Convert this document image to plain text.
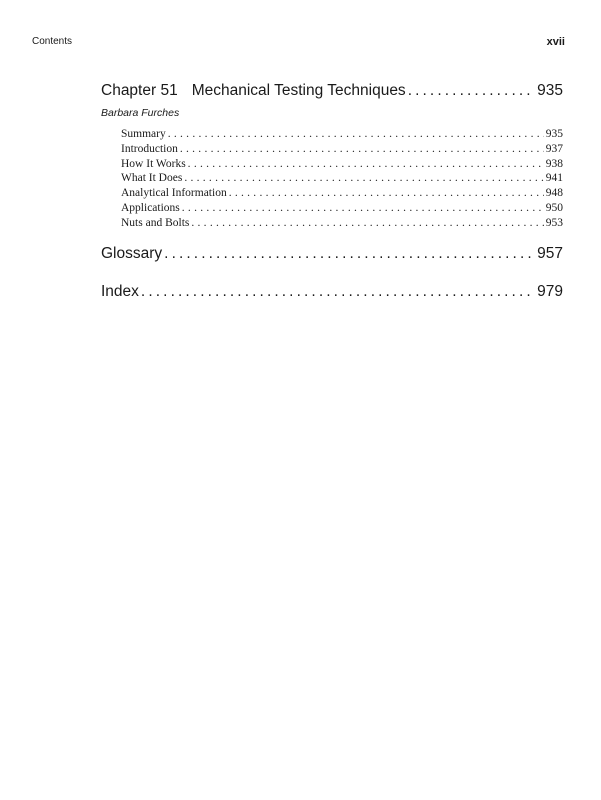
Contents	xvii
Chapter 51 Mechanical Testing Techniques . . .	935
Barbara Furches
Summary . . .	935
Introduction . . .	937
How It Works . . .	938
What It Does . . .	941
Analytical Information . . .	948
Applications . . .	950
Nuts and Bolts . . .	953
Glossary . . .	957
Index . . .	979
